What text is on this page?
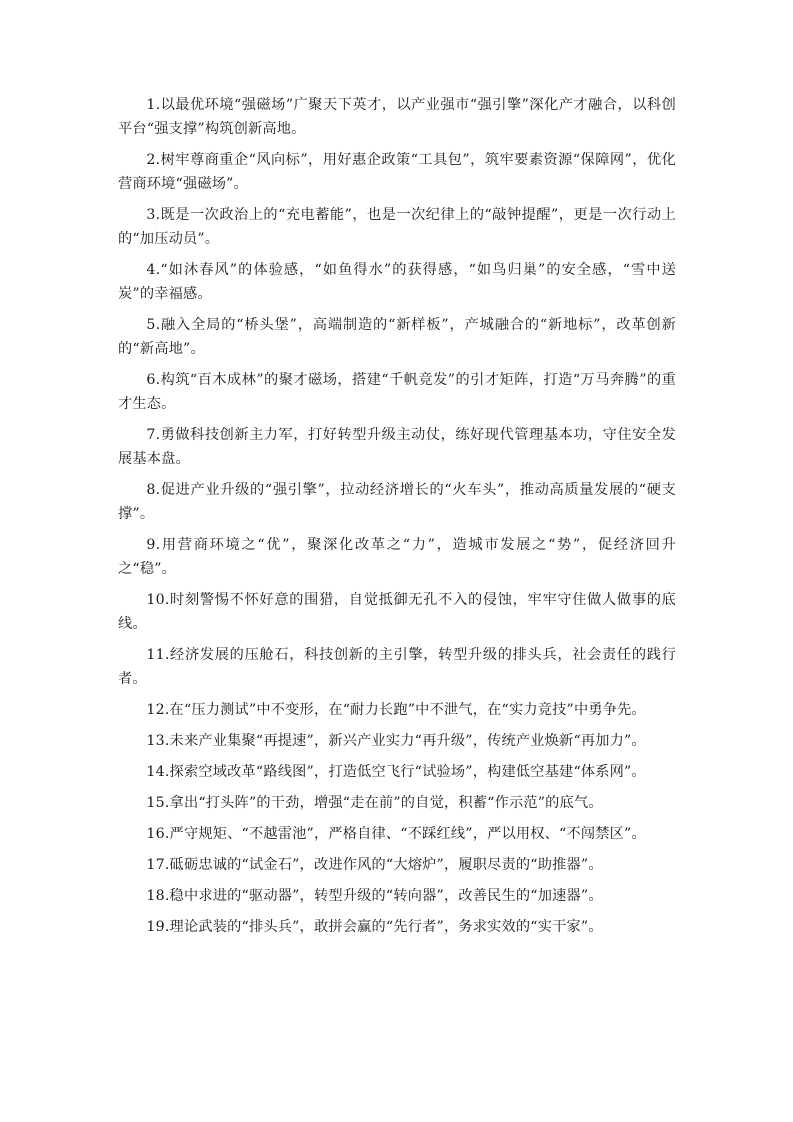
1.以最优环境“强磁场”广聚天下英才，以产业强市“强引擎”深化产才融合，以科创平台“强支撑”构筑创新高地。

2.树牢尊商重企“风向标”，用好惠企政策“工具包”，筑牢要素资源“保障网”，优化营商环境“强磁场”。

3.既是一次政治上的“充电蓄能”，也是一次纪律上的“敲钟提醒”，更是一次行动上的“加压动员”。

4.“如沐春风”的体验感，“如鱼得水”的获得感，“如鸟归巢”的安全感，“雪中送炭”的幸福感。

5.融入全局的“桥头堡”，高端制造的“新样板”，产城融合的“新地标”，改革创新的“新高地”。

6.构筑“百木成林”的聚才磁场，搭建“千帆竞发”的引才矩阵，打造“万马奔腾”的重才生态。

7.勇做科技创新主力军，打好转型升级主动仗，练好现代管理基本功，守住安全发展基本盘。

8.促进产业升级的“强引擎”，拉动经济增长的“火车头”，推动高质量发展的“硬支撑”。

9.用营商环境之“优”，聚深化改革之“力”，造城市发展之“势”，促经济回升之“稳”。

10.时刻警惕不怀好意的围猎，自觉抵御无孔不入的侵蚀，牢牢守住做人做事的底线。

11.经济发展的压舱石，科技创新的主引擎，转型升级的排头兵，社会责任的践行者。

12.在“压力测试”中不变形，在“耐力长跑”中不泄气，在“实力竞技”中勇争先。

13.未来产业集聚“再提速”，新兴产业实力“再升级”，传统产业焕新“再加力”。

14.探索空域改革“路线图”，打造低空飞行“试验场”，构建低空基建“体系网”。

15.拿出“打头阵”的干劲，增强“走在前”的自觉，积蓄“作示范”的底气。

16.严守规矩、“不越雷池”，严格自律、“不踩红线”，严以用权、“不闯禁区”。

17.砥砺忠诚的“试金石”，改进作风的“大熔炉”，履职尽责的“助推器”。

18.稳中求进的“驱动器”，转型升级的“转向器”，改善民生的“加速器”。

19.理论武装的“排头兵”，敢拼会赢的“先行者”，务求实效的“实干家”。
